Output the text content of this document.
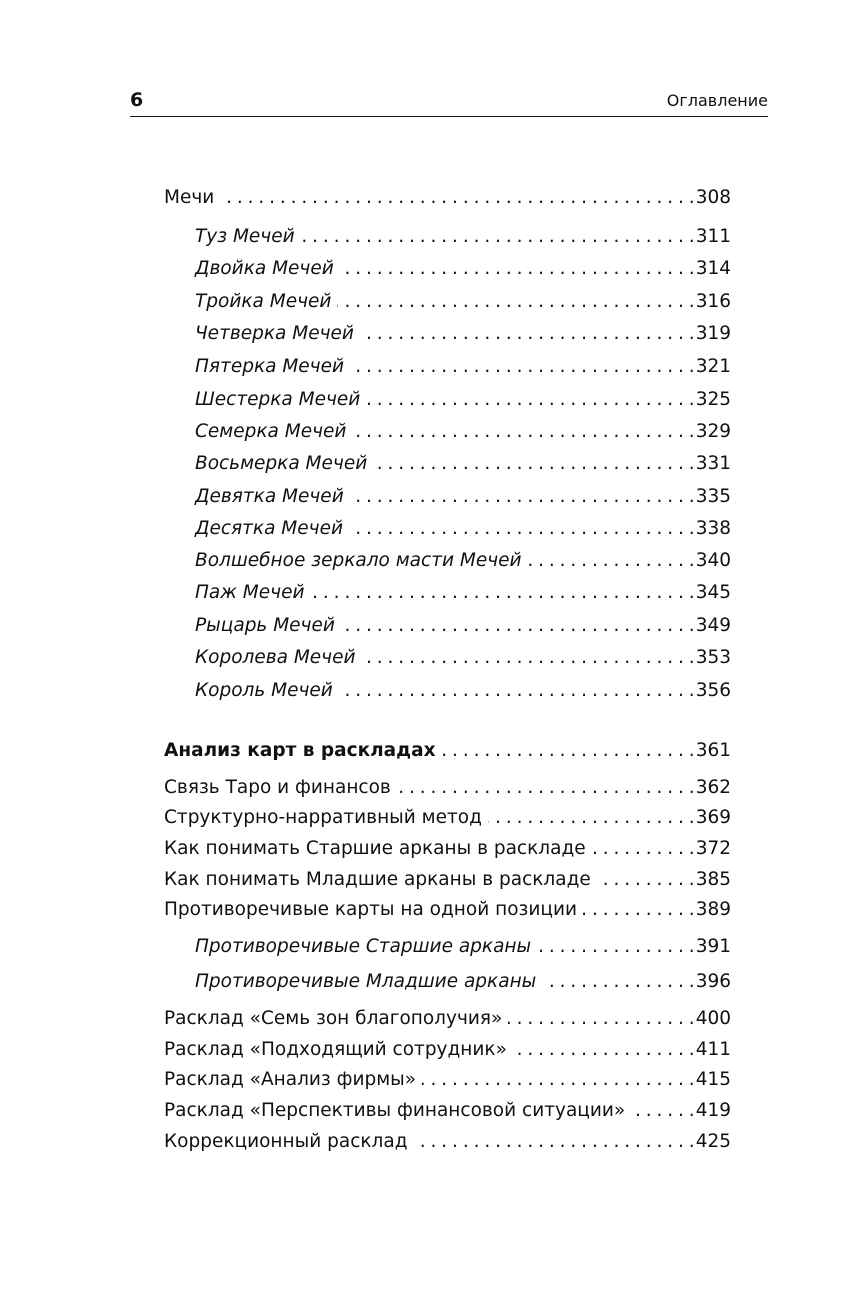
6	Оглавление
Мечи . . .	308
Туз Мечей . . .	311
Двойка Мечей . . .	314
Тройка Мечей . . .	316
Четверка Мечей . . .	319
Пятерка Мечей . . .	321
Шестерка Мечей . . .	325
Семерка Мечей . . .	329
Восьмерка Мечей . . .	331
Девятка Мечей . . .	335
Десятка Мечей . . .	338
Волшебное зеркало масти Мечей . . .	340
Паж Мечей . . .	345
Рыцарь Мечей . . .	349
Королева Мечей . . .	353
Король Мечей . . .	356
Анализ карт в раскладах . . .	361
Связь Таро и финансов . . .	362
Структурно-нарративный метод . . .	369
Как понимать Старшие арканы в раскладе . . .	372
Как понимать Младшие арканы в раскладе . . .	385
Противоречивые карты на одной позиции . . .	389
Противоречивые Старшие арканы . . .	391
Противоречивые Младшие арканы . . .	396
Расклад «Семь зон благополучия» . . .	400
Расклад «Подходящий сотрудник» . . .	411
Расклад «Анализ фирмы» . . .	415
Расклад «Перспективы финансовой ситуации» . . .	419
Коррекционный расклад . . .	425
